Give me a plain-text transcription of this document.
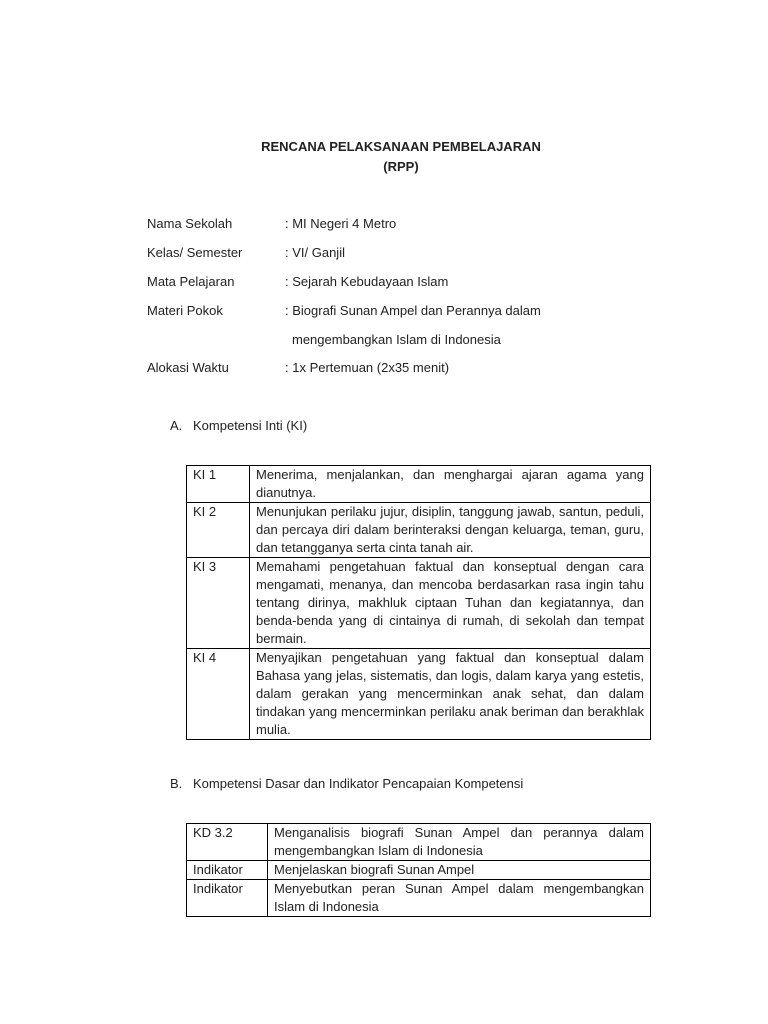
RENCANA PELAKSANAAN PEMBELAJARAN
(RPP)
Nama Sekolah	: MI Negeri 4 Metro
Kelas/ Semester	: VI/ Ganjil
Mata Pelajaran	: Sejarah Kebudayaan Islam
Materi Pokok	: Biografi Sunan Ampel dan Perannya dalam
mengembangkan Islam di Indonesia
Alokasi Waktu	: 1x Pertemuan (2x35 menit)
A. Kompetensi Inti (KI)
KI 1	Menerima, menjalankan, dan menghargai ajaran agama yang dianutnya.
KI 2	Menunjukan perilaku jujur, disiplin, tanggung jawab, santun, peduli, dan percaya diri dalam berinteraksi dengan keluarga, teman, guru, dan tetangganya serta cinta tanah air.
KI 3	Memahami pengetahuan faktual dan konseptual dengan cara mengamati, menanya, dan mencoba berdasarkan rasa ingin tahu tentang dirinya, makhluk ciptaan Tuhan dan kegiatannya, dan benda-benda yang di cintainya di rumah, di sekolah dan tempat bermain.
KI 4	Menyajikan pengetahuan yang faktual dan konseptual dalam Bahasa yang jelas, sistematis, dan logis, dalam karya yang estetis, dalam gerakan yang mencerminkan anak sehat, dan dalam tindakan yang mencerminkan perilaku anak beriman dan berakhlak mulia.
B. Kompetensi Dasar dan Indikator Pencapaian Kompetensi
KD 3.2	Menganalisis biografi Sunan Ampel dan perannya dalam mengembangkan Islam di Indonesia
Indikator	Menjelaskan biografi Sunan Ampel
Indikator	Menyebutkan peran Sunan Ampel dalam mengembangkan Islam di Indonesia
